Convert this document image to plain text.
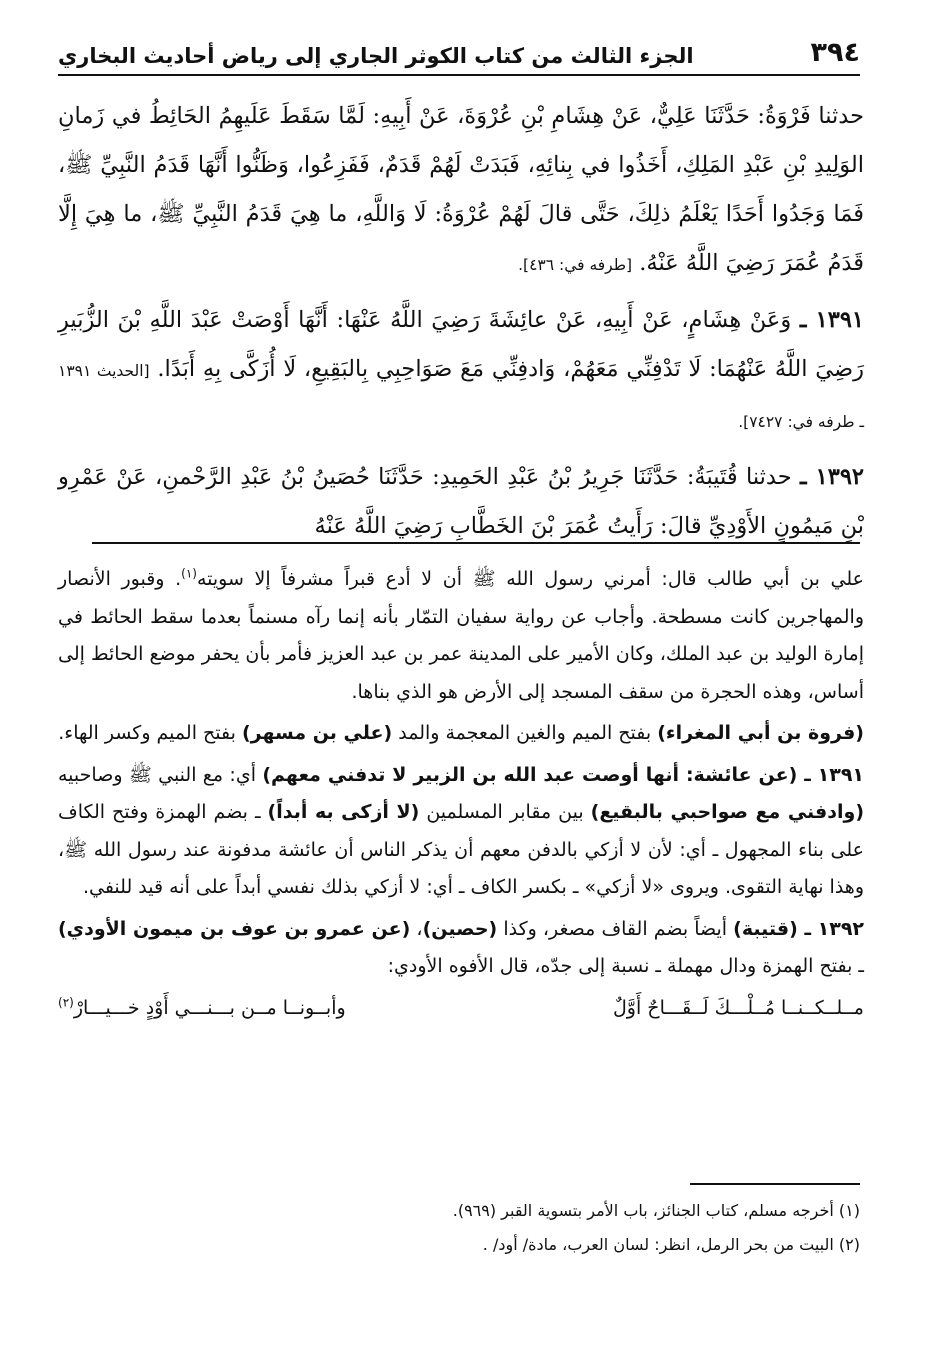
٣٩٤
الجزء الثالث من كتاب الكوثر الجاري إلى رياض أحاديث البخاري

حدثنا فَرْوَةُ: حَدَّثَنَا عَلِيٌّ، عَنْ هِشَامِ بْنِ عُرْوَةَ، عَنْ أَبِيهِ: لَمَّا سَقَطَ عَلَيهِمُ الحَائِطُ في زَمانِ الوَلِيدِ بْنِ عَبْدِ المَلِكِ، أَخَذُوا في بِنائِهِ، فَبَدَتْ لَهُمْ قَدَمٌ، فَفَزِعُوا، وَظَنُّوا أَنَّهَا قَدَمُ النَّبِيِّ ﷺ، فَمَا وَجَدُوا أَحَدًا يَعْلَمُ ذلِكَ، حَتَّى قالَ لَهُمْ عُرْوَةُ: لَا وَاللَّهِ، ما هِيَ قَدَمُ النَّبِيِّ ﷺ، ما هِيَ إِلَّا قَدَمُ عُمَرَ رَضِيَ اللَّهُ عَنْهُ. [طرفه في: ٤٣٦].

١٣٩١ ـ وَعَنْ هِشَامٍ، عَنْ أَبِيهِ، عَنْ عائِشَةَ رَضِيَ اللَّهُ عَنْهَا: أَنَّهَا أَوْصَتْ عَبْدَ اللَّهِ بْنَ الزُّبَيرِ رَضِيَ اللَّهُ عَنْهُمَا: لَا تَدْفِنِّي مَعَهُمْ، وَادفِنِّي مَعَ صَوَاحِبِي بِالبَقِيعِ، لَا أُزَكَّى بِهِ أَبَدًا. [الحديث ١٣٩١ ـ طرفه في: ٧٤٢٧].

١٣٩٢ ـ حدثنا قُتَيبَةُ: حَدَّثَنَا جَرِيرُ بْنُ عَبْدِ الحَمِيدِ: حَدَّثَنَا حُصَينُ بْنُ عَبْدِ الرَّحْمنِ، عَنْ عَمْرِو بْنِ مَيمُونٍ الأَوْدِيِّ قالَ: رَأَيتُ عُمَرَ بْنَ الخَطَّابِ رَضِيَ اللَّهُ عَنْهُ

علي بن أبي طالب قال: أمرني رسول الله ﷺ أن لا أدع قبراً مشرفاً إلا سويته$^{(١)}$. وقبور الأنصار والمهاجرين كانت مسطحة. وأجاب عن رواية سفيان التمّار بأنه إنما رآه مسنماً بعدما سقط الحائط في إمارة الوليد بن عبد الملك، وكان الأمير على المدينة عمر بن عبد العزيز فأمر بأن يحفر موضع الحائط إلى أساس، وهذه الحجرة من سقف المسجد إلى الأرض هو الذي بناها.

(فروة بن أبي المغراء) بفتح الميم والغين المعجمة والمد (علي بن مسهر) بفتح الميم وكسر الهاء.

١٣٩١ ـ (عن عائشة: أنها أوصت عبد الله بن الزبير لا تدفني معهم) أي: مع النبي ﷺ وصاحبيه (وادفني مع صواحبي بالبقيع) بين مقابر المسلمين (لا أزكى به أبداً) ـ بضم الهمزة وفتح الكاف على بناء المجهول ـ أي: لأن لا أزكي بالدفن معهم أن يذكر الناس أن عائشة مدفونة عند رسول الله ﷺ، وهذا نهاية التقوى. ويروى «لا أزكي» ـ بكسر الكاف ـ أي: لا أزكي بذلك نفسي أبداً على أنه قيد للنفي.

١٣٩٢ ـ (قتيبة) أيضاً بضم القاف مصغر، وكذا (حصين)، (عن عمرو بن عوف بن ميمون الأودي) ـ بفتح الهمزة ودال مهملة ـ نسبة إلى جدّه، قال الأفوه الأودي:

مــلــكــنــا مُــلْـــكَ لَــقَـــاحٌ أَوَّلٌ
وأبــونــا مــن بـــنـــي أَوْدٍ خـــيـــارْ$^{(٢)}$
(١) أخرجه مسلم، كتاب الجنائز، باب الأمر بتسوية القبر (٩٦٩).
(٢) البيت من بحر الرمل، انظر: لسان العرب، مادة/ أود/ .
